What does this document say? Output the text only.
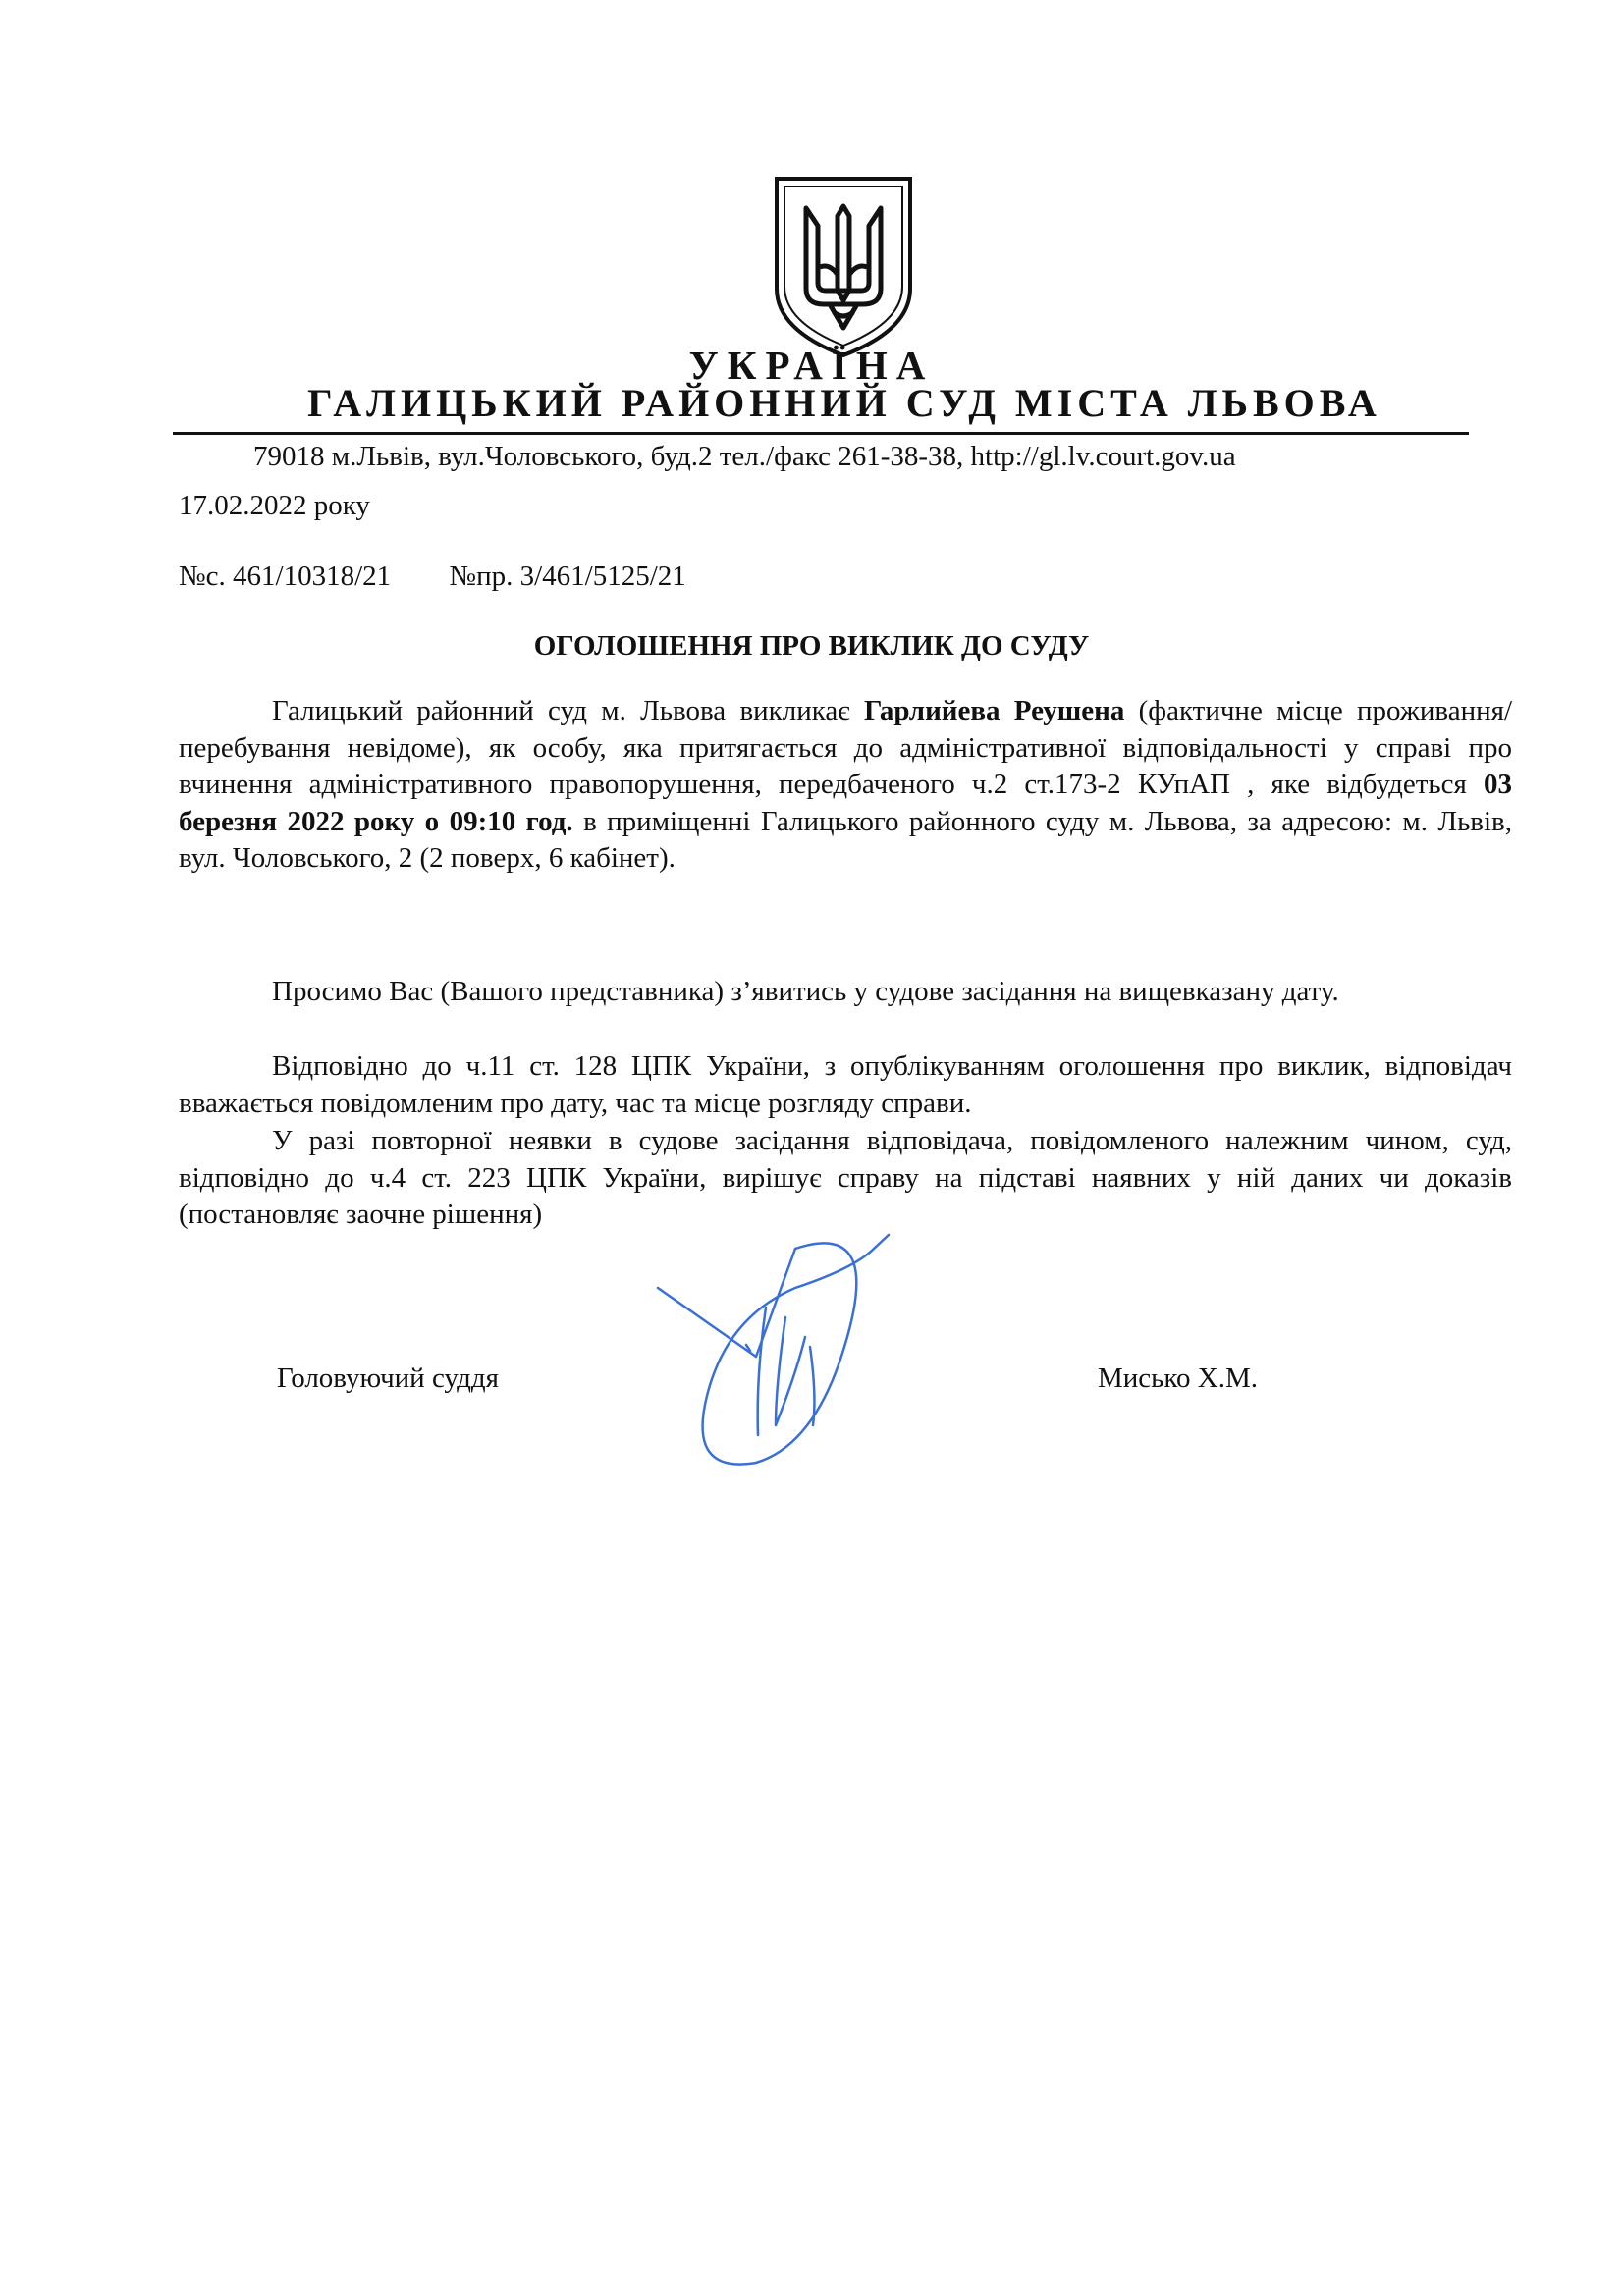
УКРАЇНА
ГАЛИЦЬКИЙ РАЙОННИЙ СУД МІСТА ЛЬВОВА
79018 м.Львів, вул.Чоловського, буд.2 тел./факс 261-38-38, http://gl.lv.court.gov.ua
17.02.2022 року
№с. 461/10318/21 №пр. 3/461/5125/21
ОГОЛОШЕННЯ ПРО ВИКЛИК ДО СУДУ
Галицький районний суд м. Львова викликає Гарлийева Реушена (фактичне місце проживання/перебування невідоме), як особу, яка притягається до адміністративної відповідальності у справі про вчинення адміністративного правопорушення, передбаченого ч.2 ст.173-2 КУпАП , яке відбудеться 03 березня 2022 року о 09:10 год. в приміщенні Галицького районного суду м. Львова, за адресою: м. Львів, вул. Чоловського, 2 (2 поверх, 6 кабінет).
Просимо Вас (Вашого представника) з’явитись у судове засідання на вищевказану дату.
Відповідно до ч.11 ст. 128 ЦПК України, з опублікуванням оголошення про виклик, відповідач вважається повідомленим про дату, час та місце розгляду справи.
У разі повторної неявки в судове засідання відповідача, повідомленого належним чином, суд, відповідно до ч.4 ст. 223 ЦПК України, вирішує справу на підставі наявних у ній даних чи доказів (постановляє заочне рішення)
Головуючий суддя	Мисько Х.М.
